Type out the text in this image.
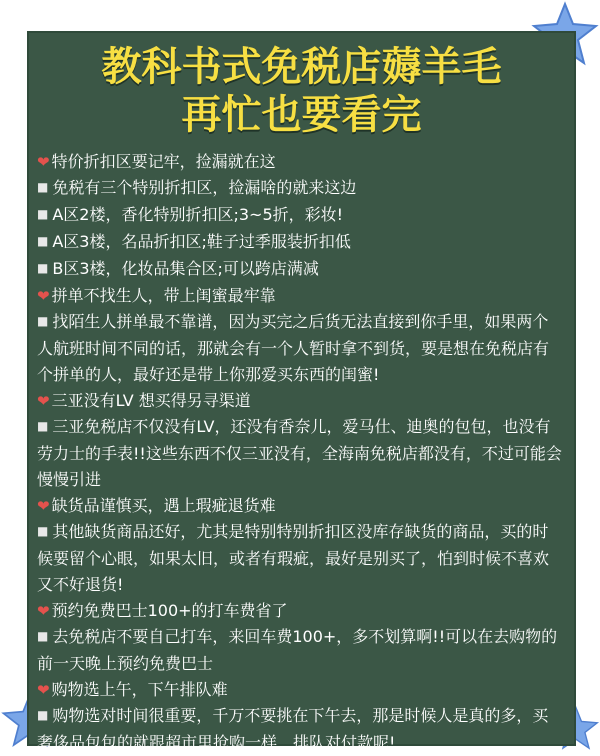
教科书式免税店薅羊毛
再忙也要看完
❤ 特价折扣区要记牢，捡漏就在这
■ 免税有三个特别折扣区，捡漏啥的就来这边
■ A区2楼，香化特别折扣区;3~5折，彩妆!
■ A区3楼，名品折扣区;鞋子过季服装折扣低
■ B区3楼，化妆品集合区;可以跨店满减
❤ 拼单不找生人，带上闺蜜最牢靠
■ 找陌生人拼单最不靠谱，因为买完之后货无法直接到你手里，如果两个人航班时间不同的话，那就会有一个人暂时拿不到货，要是想在免税店有个拼单的人，最好还是带上你那爱买东西的闺蜜!
❤ 三亚没有LV 想买得另寻渠道
■ 三亚免税店不仅没有LV，还没有香奈儿，爱马仕、迪奥的包包，也没有劳力士的手表!!这些东西不仅三亚没有，全海南免税店都没有，不过可能会慢慢引进
❤ 缺货品谨慎买，遇上瑕疵退货难
■ 其他缺货商品还好，尤其是特别特别折扣区没库存缺货的商品，买的时候要留个心眼，如果太旧，或者有瑕疵，最好是别买了，怕到时候不喜欢又不好退货!
❤ 预约免费巴士100+的打车费省了
■ 去免税店不要自己打车，来回车费100+，多不划算啊!!可以在去购物的前一天晚上预约免费巴士
❤ 购物选上午，下午排队难
■ 购物选对时间很重要，千万不要挑在下午去，那是时候人是真的多，买奢侈品包包的就跟超市里抢购一样，排队对付款呢!
